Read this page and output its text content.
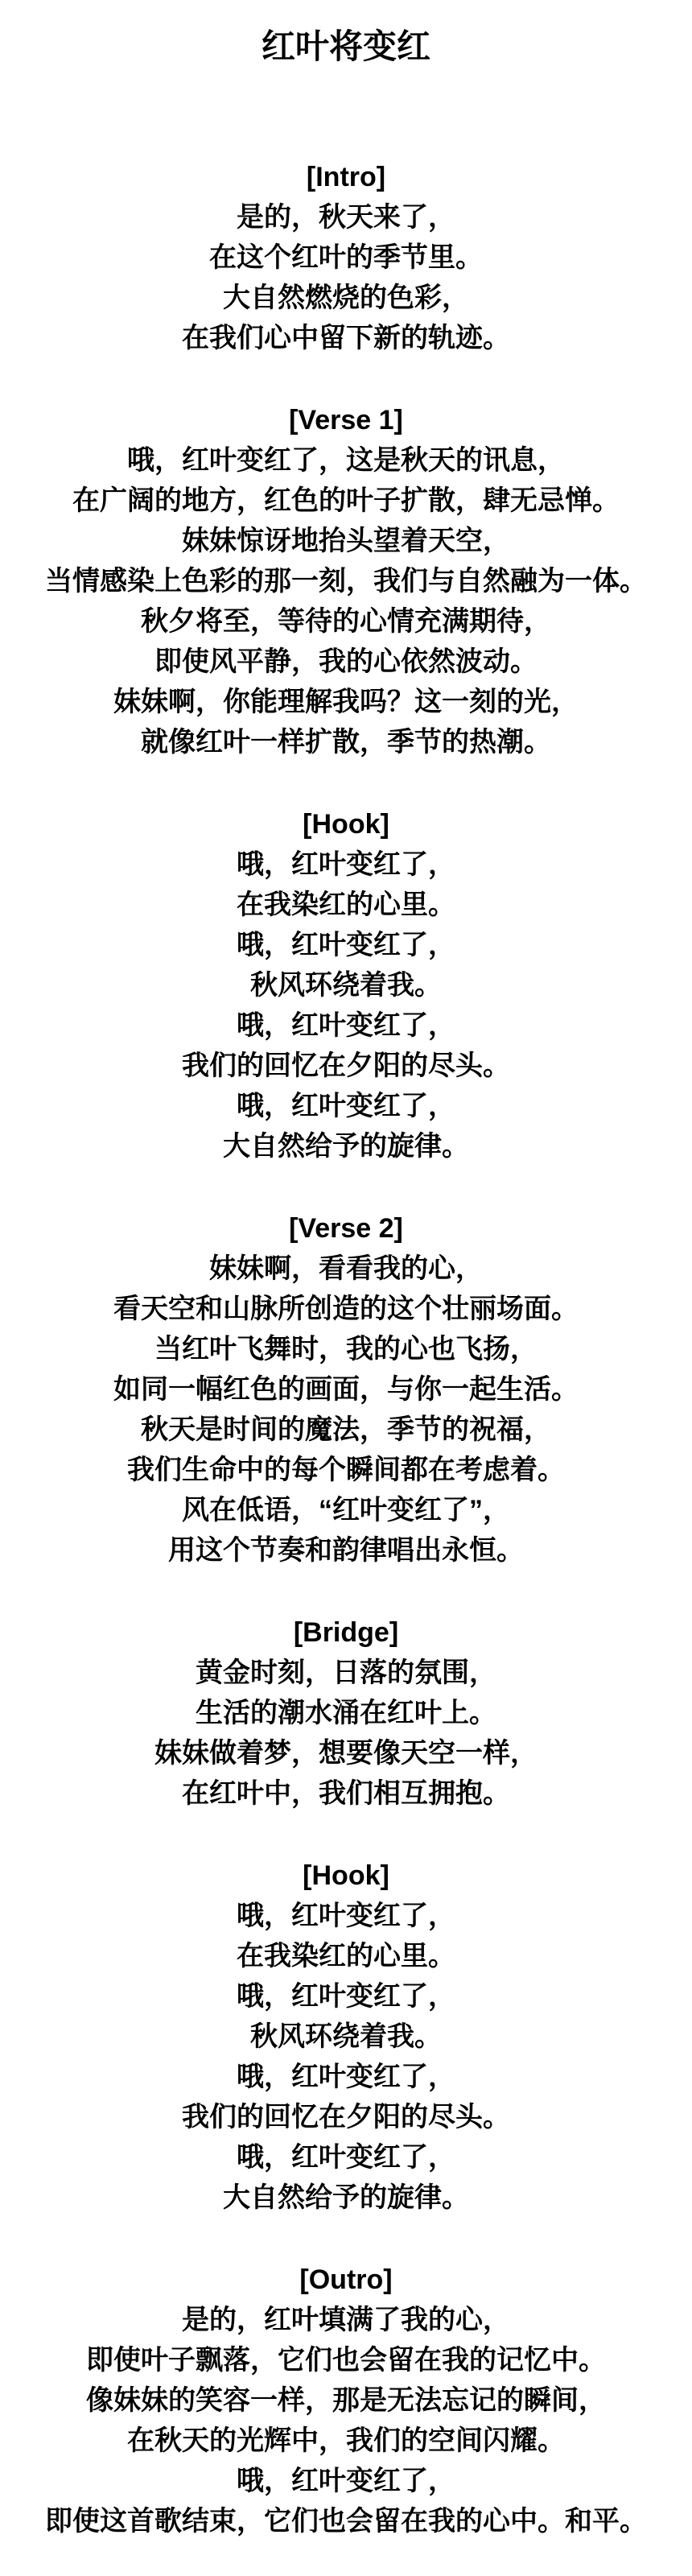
红叶将变红
[Intro]
是的，秋天来了，
在这个红叶的季节里。
大自然燃烧的色彩，
在我们心中留下新的轨迹。
[Verse 1]
哦，红叶变红了，这是秋天的讯息，
在广阔的地方，红色的叶子扩散，肆无忌惮。
妹妹惊讶地抬头望着天空，
当情感染上色彩的那一刻，我们与自然融为一体。
秋夕将至，等待的心情充满期待，
即使风平静，我的心依然波动。
妹妹啊，你能理解我吗？这一刻的光，
就像红叶一样扩散，季节的热潮。
[Hook]
哦，红叶变红了，
在我染红的心里。
哦，红叶变红了，
秋风环绕着我。
哦，红叶变红了，
我们的回忆在夕阳的尽头。
哦，红叶变红了，
大自然给予的旋律。
[Verse 2]
妹妹啊，看看我的心，
看天空和山脉所创造的这个壮丽场面。
当红叶飞舞时，我的心也飞扬，
如同一幅红色的画面，与你一起生活。
秋天是时间的魔法，季节的祝福，
我们生命中的每个瞬间都在考虑着。
风在低语，“红叶变红了”，
用这个节奏和韵律唱出永恒。
[Bridge]
黄金时刻，日落的氛围，
生活的潮水涌在红叶上。
妹妹做着梦，想要像天空一样，
在红叶中，我们相互拥抱。
[Hook]
哦，红叶变红了，
在我染红的心里。
哦，红叶变红了，
秋风环绕着我。
哦，红叶变红了，
我们的回忆在夕阳的尽头。
哦，红叶变红了，
大自然给予的旋律。
[Outro]
是的，红叶填满了我的心，
即使叶子飘落，它们也会留在我的记忆中。
像妹妹的笑容一样，那是无法忘记的瞬间，
在秋天的光辉中，我们的空间闪耀。
哦，红叶变红了，
即使这首歌结束，它们也会留在我的心中。和平。
